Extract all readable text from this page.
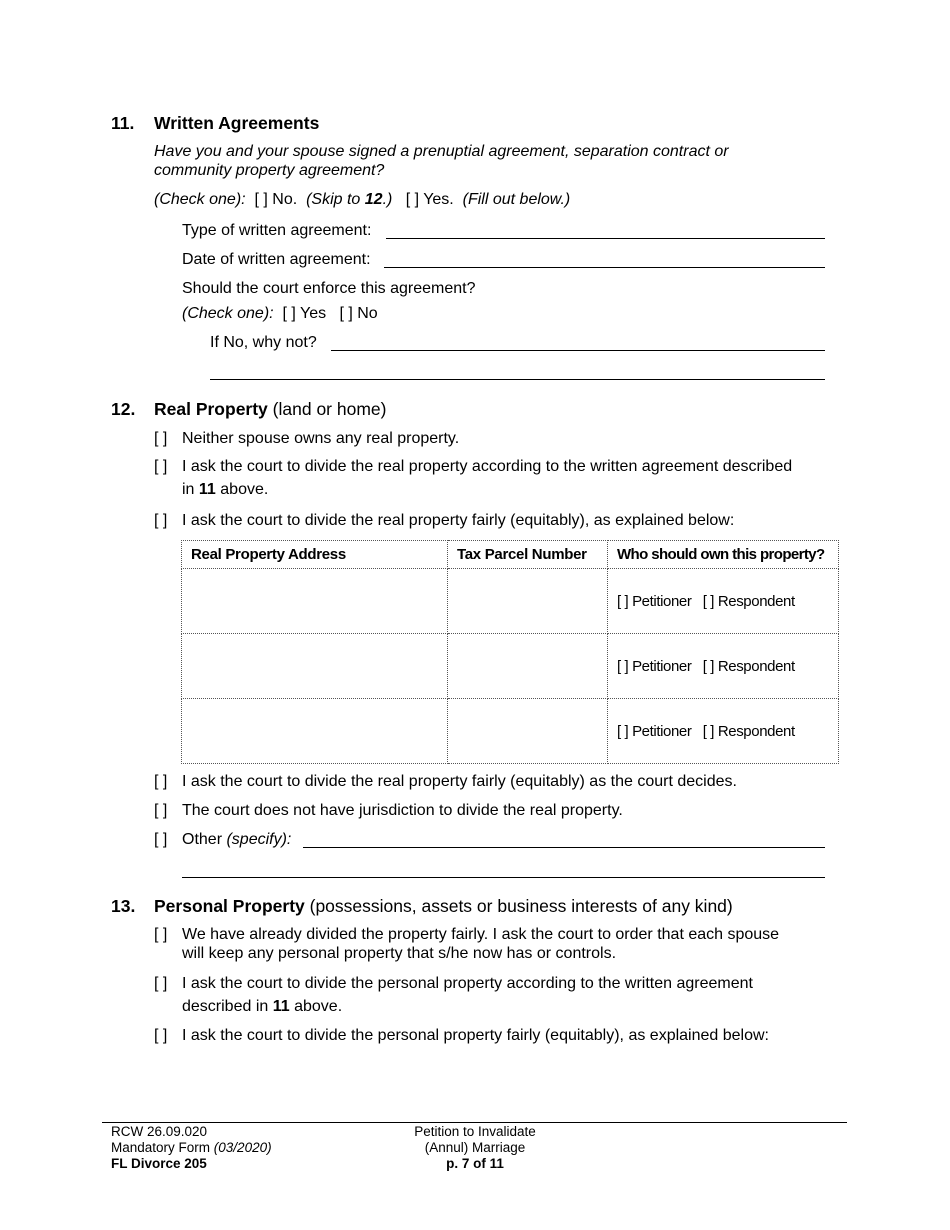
11. Written Agreements
Have you and your spouse signed a prenuptial agreement, separation contract or
community property agreement?
(Check one): [ ] No. (Skip to 12.) [ ] Yes. (Fill out below.)
Type of written agreement:
Date of written agreement:
Should the court enforce this agreement?
(Check one): [ ] Yes [ ] No
If No, why not?
12. Real Property (land or home)
[ ] Neither spouse owns any real property.
[ ] I ask the court to divide the real property according to the written agreement described
in 11 above.
[ ] I ask the court to divide the real property fairly (equitably), as explained below:
Real Property Address	Tax Parcel Number	Who should own this property?
		[ ] Petitioner [ ] Respondent
		[ ] Petitioner [ ] Respondent
		[ ] Petitioner [ ] Respondent
[ ] I ask the court to divide the real property fairly (equitably) as the court decides.
[ ] The court does not have jurisdiction to divide the real property.
[ ] Other (specify):
13. Personal Property (possessions, assets or business interests of any kind)
[ ] We have already divided the property fairly. I ask the court to order that each spouse
will keep any personal property that s/he now has or controls.
[ ] I ask the court to divide the personal property according to the written agreement
described in 11 above.
[ ] I ask the court to divide the personal property fairly (equitably), as explained below:
RCW 26.09.020
Mandatory Form (03/2020)
FL Divorce 205
Petition to Invalidate
(Annul) Marriage
p. 7 of 11
